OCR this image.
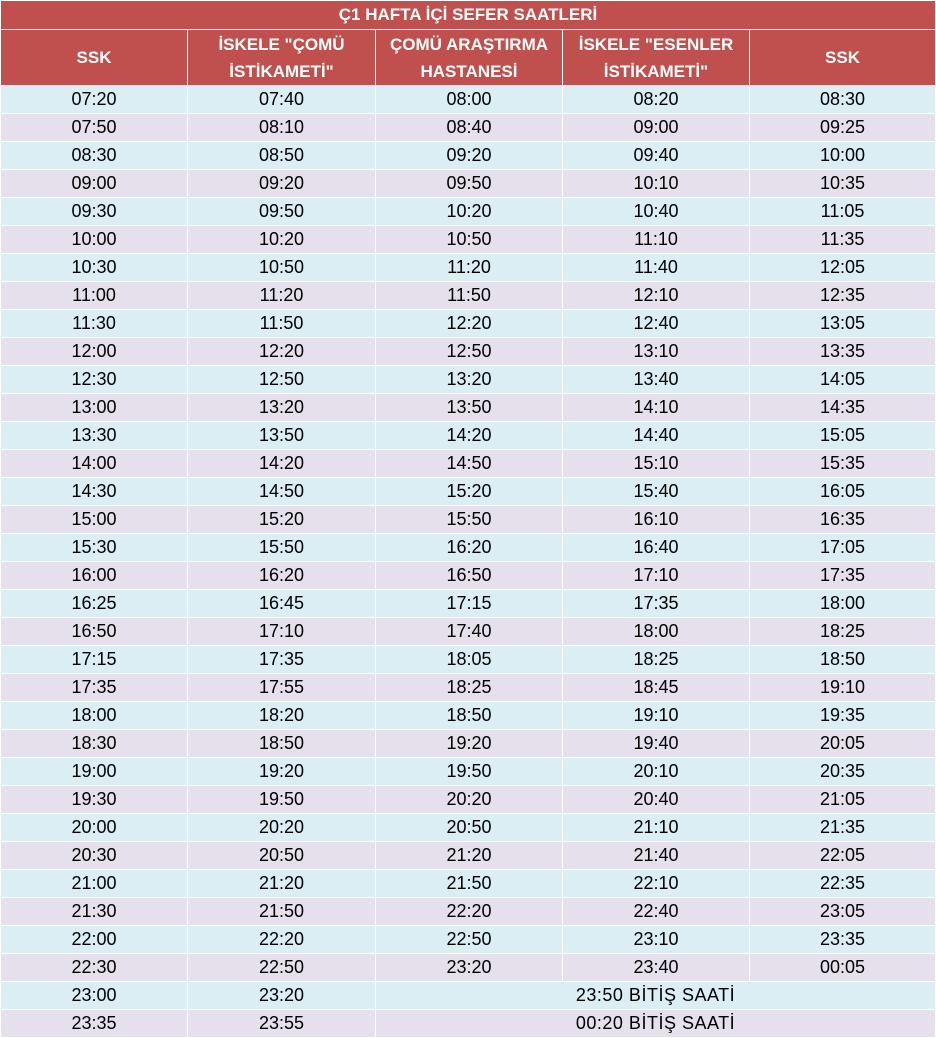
Ç1 HAFTA İÇİ SEFER SAATLERİ				
SSK	İSKELE "ÇOMÜ İSTİKAMETİ"	ÇOMÜ ARAŞTIRMA HASTANESİ	İSKELE "ESENLER İSTİKAMETİ"	SSK
07:20	07:40	08:00	08:20	08:30
07:50	08:10	08:40	09:00	09:25
08:30	08:50	09:20	09:40	10:00
09:00	09:20	09:50	10:10	10:35
09:30	09:50	10:20	10:40	11:05
10:00	10:20	10:50	11:10	11:35
10:30	10:50	11:20	11:40	12:05
11:00	11:20	11:50	12:10	12:35
11:30	11:50	12:20	12:40	13:05
12:00	12:20	12:50	13:10	13:35
12:30	12:50	13:20	13:40	14:05
13:00	13:20	13:50	14:10	14:35
13:30	13:50	14:20	14:40	15:05
14:00	14:20	14:50	15:10	15:35
14:30	14:50	15:20	15:40	16:05
15:00	15:20	15:50	16:10	16:35
15:30	15:50	16:20	16:40	17:05
16:00	16:20	16:50	17:10	17:35
16:25	16:45	17:15	17:35	18:00
16:50	17:10	17:40	18:00	18:25
17:15	17:35	18:05	18:25	18:50
17:35	17:55	18:25	18:45	19:10
18:00	18:20	18:50	19:10	19:35
18:30	18:50	19:20	19:40	20:05
19:00	19:20	19:50	20:10	20:35
19:30	19:50	20:20	20:40	21:05
20:00	20:20	20:50	21:10	21:35
20:30	20:50	21:20	21:40	22:05
21:00	21:20	21:50	22:10	22:35
21:30	21:50	22:20	22:40	23:05
22:00	22:20	22:50	23:10	23:35
22:30	22:50	23:20	23:40	00:05
23:00	23:20	23:50 BİTİŞ SAATİ		
23:35	23:55	00:20 BİTİŞ SAATİ		
